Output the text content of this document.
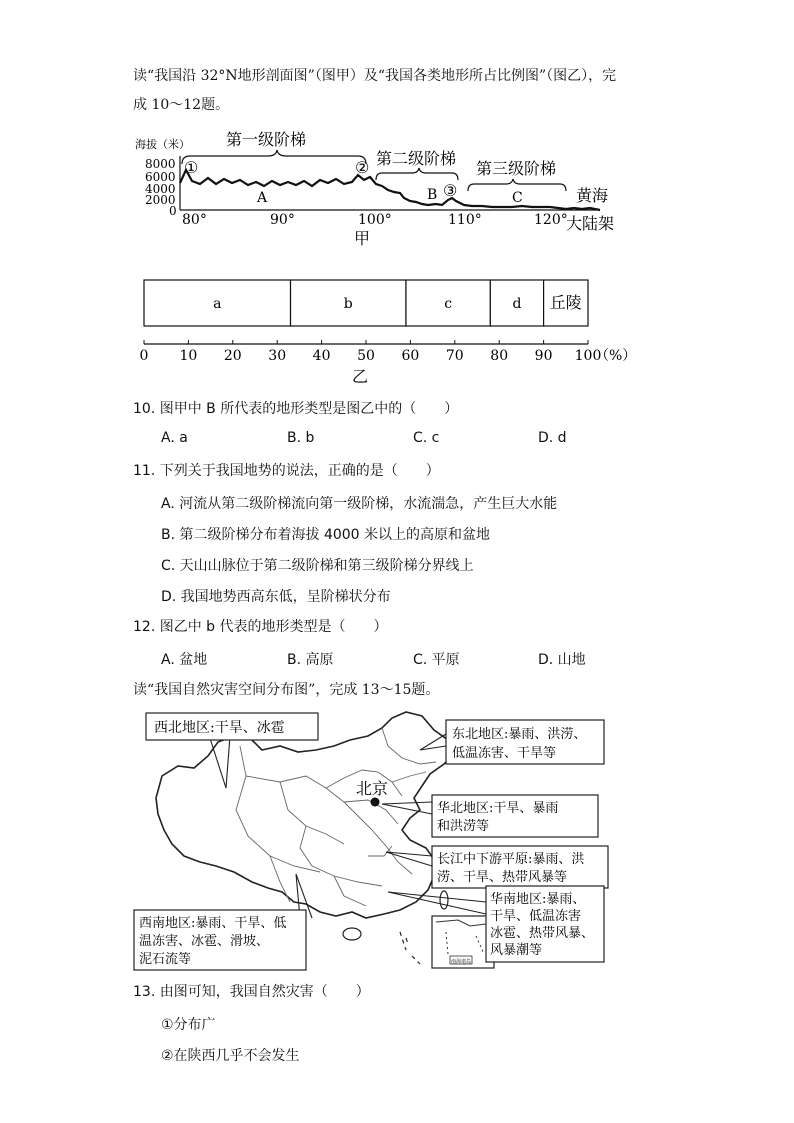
读“我国沿 32°N地形剖面图”（图甲）及“我国各类地形所占比例图”（图乙），完
成 10～12题。
海拔（米）
8000
6000
4000
2000
0
第一级阶梯
①	② 第二级阶梯
③
第三级阶梯
A	B	C	黄海
大陆架
80°	90°	100°	110°	120°
甲
a	b	c	d 丘陵
0 10 20 30 40 50 60 70 80 90 100
（%）
乙
10. 图甲中 B 所代表的地形类型是图乙中的（　　）
A. a	B. b	C. c	D. d
11. 下列关于我国地势的说法，正确的是（　　）
A. 河流从第二级阶梯流向第一级阶梯，水流湍急，产生巨大水能
B. 第二级阶梯分布着海拔 4000 米以上的高原和盆地
C. 天山山脉位于第二级阶梯和第三级阶梯分界线上
D. 我国地势西高东低，呈阶梯状分布
12. 图乙中 b 代表的地形类型是（　　）
A. 盆地	B. 高原	C. 平原	D. 山地
读“我国自然灾害空间分布图”，完成 13～15题。
北京
南海诸岛
西北地区:干旱、冰雹	东北地区:暴雨、洪涝、
低温冻害、干旱等
华北地区:干旱、暴雨
和洪涝等
长江中下游平原:暴雨、洪
涝、干旱、热带风暴等
西南地区:暴雨、干旱、低
温冻害、冰雹、滑坡、
泥石流等
华南地区:暴雨、
干旱、低温冻害
冰雹、热带风暴、
风暴潮等
13. 由图可知，我国自然灾害（　　）
①分布广
②在陕西几乎不会发生
